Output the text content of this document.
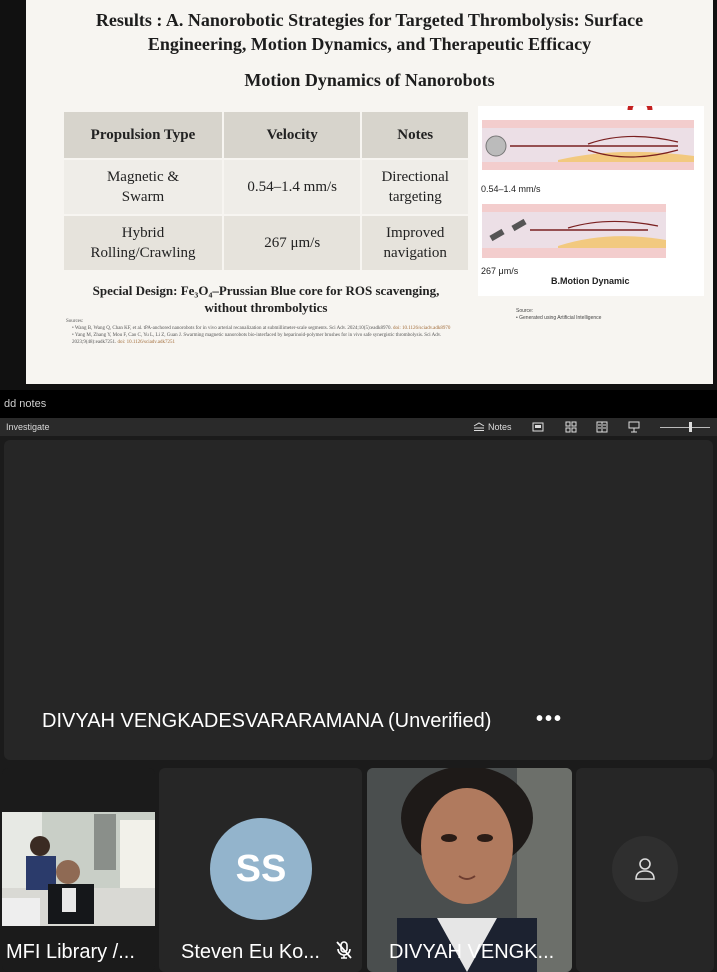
Results : A. Nanorobotic Strategies for Targeted Thrombolysis: Surface
Engineering, Motion Dynamics, and Therapeutic Efficacy
Motion Dynamics of Nanorobots
Propulsion Type	Velocity	Notes
Magnetic &
Swarm	0.54–1.4 mm/s	Directional
targeting
Hybrid
Rolling/Crawling	267 μm/s	Improved
navigation
Special Design: Fe₃O₄–Prussian Blue core for ROS scavenging,
without thrombolytics
Sources:
• Wang B, Wang Q, Chan KF, et al. tPA-anchored nanorobots for in vivo arterial recanalization at submillimeter-scale segments. Sci Adv. 2024;10(5):eadk8970. doi: 10.1126/sciadv.adk8970
• Yang M, Zhang Y, Mou F, Cao C, Yu L, Li Z, Guan J. Swarming magnetic nanorobots bio-interfaced by heparinoid-polymer brushes for in vivo safe synergistic thrombolysis. Sci Adv. 2023;9(48):eadk7251. doi: 10.1126/sciadv.adk7251
0.54–1.4 mm/s
267 μm/s
B.Motion Dynamic
Source:
• Generated using Artificial Intelligence
dd notes
Investigate	Notes
DIVYAH VENGKADESVARARAMANA (Unverified) •••
MFI Library /...
SS
Steven Eu Ko...	DIVYAH VENGK...
